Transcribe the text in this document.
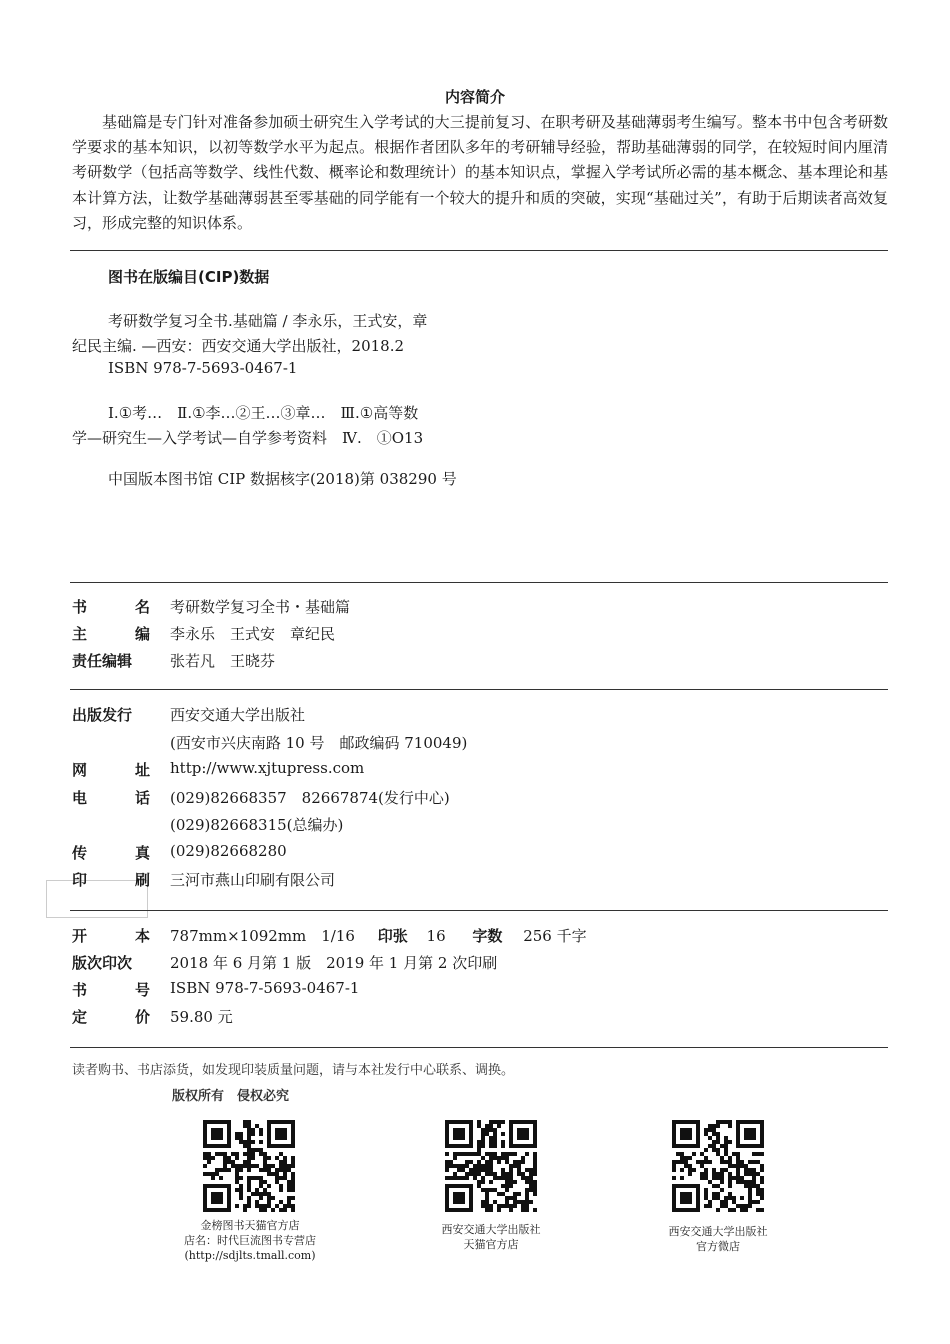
内容简介
基础篇是专门针对准备参加硕士研究生入学考试的大三提前复习、在职考研及基础薄弱考生编写。整本书中包含考研数学要求的基本知识，以初等数学水平为起点。根据作者团队多年的考研辅导经验，帮助基础薄弱的同学，在较短时间内厘清考研数学（包括高等数学、线性代数、概率论和数理统计）的基本知识点，掌握入学考试所必需的基本概念、基本理论和基本计算方法，让数学基础薄弱甚至零基础的同学能有一个较大的提升和质的突破，实现“基础过关”，有助于后期读者高效复习，形成完整的知识体系。
图书在版编目(CIP)数据
考研数学复习全书.基础篇 / 李永乐，王式安，章
纪民主编. —西安：西安交通大学出版社，2018.2
ISBN 978-7-5693-0467-1
Ⅰ.①考…　Ⅱ.①李…②王…③章…　Ⅲ.①高等数
学—研究生—入学考试—自学参考资料　Ⅳ.　①O13
中国版本图书馆 CIP 数据核字(2018)第 038290 号
书	名 考研数学复习全书・基础篇
主	编 李永乐　王式安　章纪民
责任编辑	张若凡　王晓芬
出版发行	西安交通大学出版社
(西安市兴庆南路 10 号　邮政编码 710049)
网	址 http://www.xjtupress.com
电	话 (029)82668357　82667874(发行中心)
(029)82668315(总编办)
传	真 (029)82668280
印	刷 三河市燕山印刷有限公司
开	本 787mm×1092mm　1/16 印张 16 字数 256 千字
版次印次	2018 年 6 月第 1 版　2019 年 1 月第 2 次印刷
书	号 ISBN 978-7-5693-0467-1
定	价 59.80 元
读者购书、书店添货，如发现印装质量问题，请与本社发行中心联系、调换。
版权所有　侵权必究
金榜图书天猫官方店
店名：时代巨流图书专营店
(http://sdjlts.tmall.com)
西安交通大学出版社
天猫官方店
西安交通大学出版社
官方微店
